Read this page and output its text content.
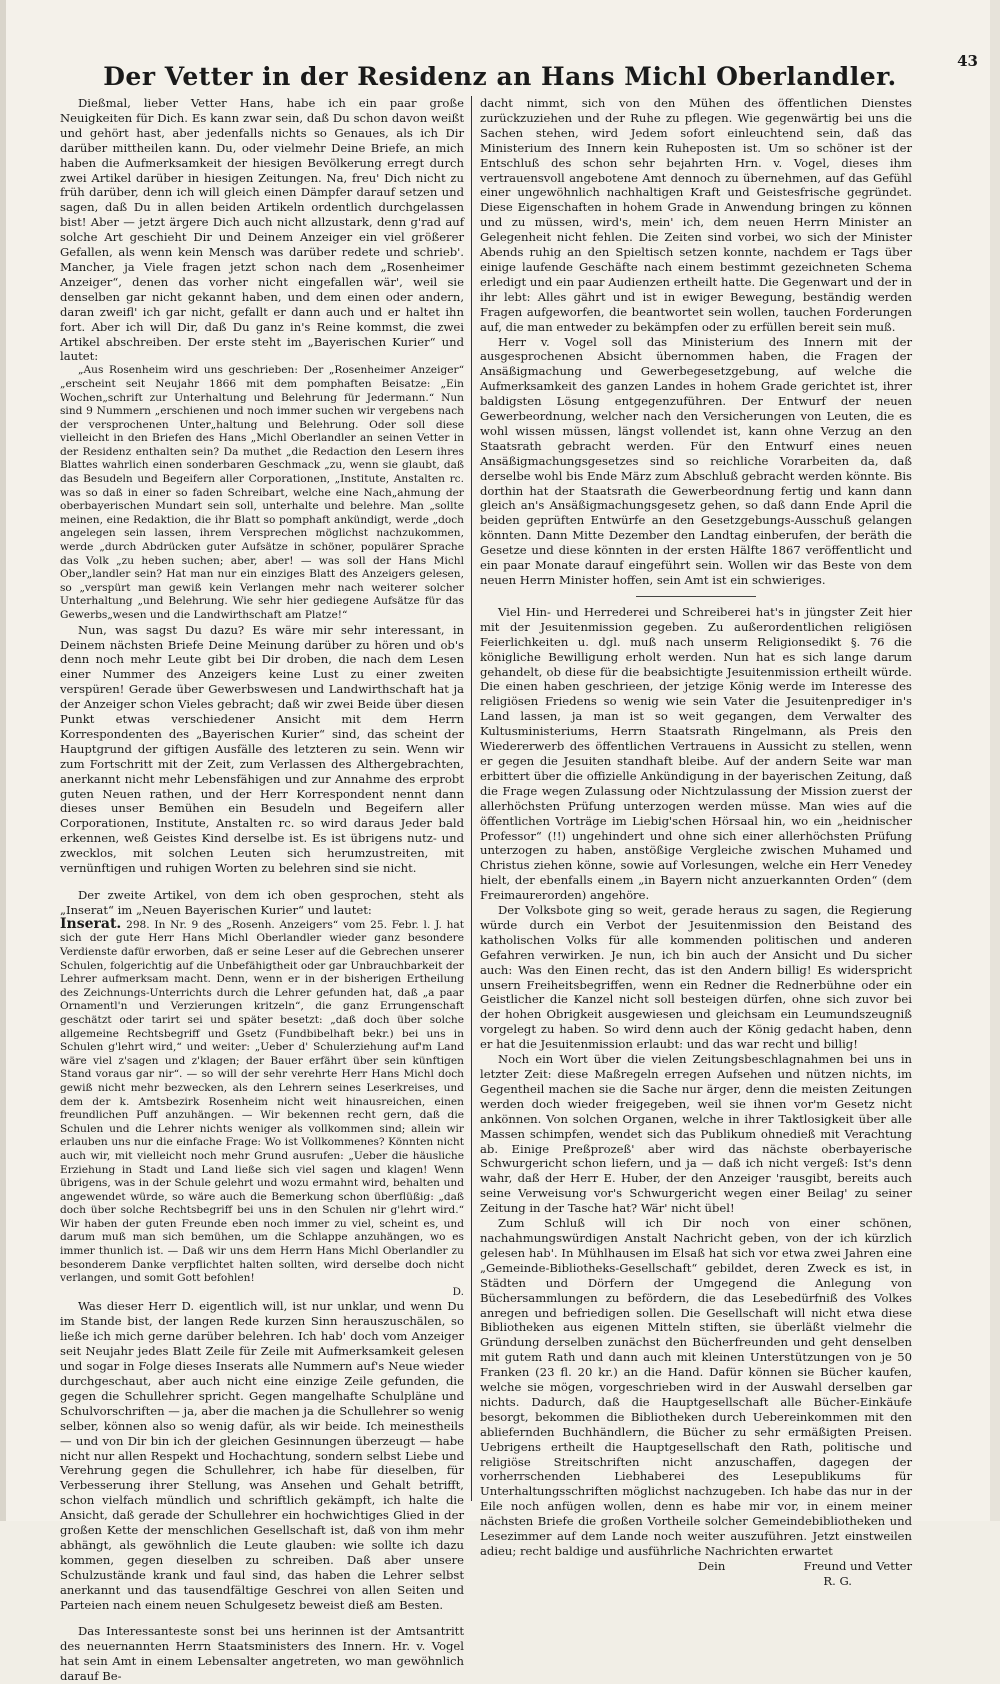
43
Der Vetter in der Residenz an Hans Michl Oberlandler.

Dießmal, lieber Vetter Hans, habe ich ein paar große Neuigkeiten für Dich. Es kann zwar sein, daß Du schon davon weißt und gehört hast, aber jedenfalls nichts so Genaues, als ich Dir darüber mittheilen kann. Du, oder vielmehr Deine Briefe, an mich haben die Aufmerksamkeit der hiesigen Bevölkerung erregt durch zwei Artikel darüber in hiesigen Zeitungen. Na, freu' Dich nicht zu früh darüber, denn ich will gleich einen Dämpfer darauf setzen und sagen, daß Du in allen beiden Artikeln ordentlich durchgelassen bist! Aber — jetzt ärgere Dich auch nicht allzustark, denn g'rad auf solche Art geschieht Dir und Deinem Anzeiger ein viel größerer Gefallen, als wenn kein Mensch was darüber redete und schrieb'. Mancher, ja Viele fragen jetzt schon nach dem „Rosenheimer Anzeiger“, denen das vorher nicht eingefallen wär', weil sie denselben gar nicht gekannt haben, und dem einen oder andern, daran zweifl' ich gar nicht, gefallt er dann auch und er haltet ihn fort. Aber ich will Dir, daß Du ganz in's Reine kommst, die zwei Artikel abschreiben. Der erste steht im „Bayerischen Kurier“ und lautet:

„Aus Rosenheim wird uns geschrieben: Der „Rosenheimer Anzeiger“ „erscheint seit Neujahr 1866 mit dem pomphaften Beisatze: „Ein Wochen„schrift zur Unterhaltung und Belehrung für Jedermann.“ Nun sind 9 Nummern „erschienen und noch immer suchen wir vergebens nach der versprochenen Unter„haltung und Belehrung. Oder soll diese vielleicht in den Briefen des Hans „Michl Oberlandler an seinen Vetter in der Residenz enthalten sein? Da muthet „die Redaction den Lesern ihres Blattes wahrlich einen sonderbaren Geschmack „zu, wenn sie glaubt, daß das Besudeln und Begeifern aller Corporationen, „Institute, Anstalten rc. was so daß in einer so faden Schreibart, welche eine Nach„ahmung der oberbayerischen Mundart sein soll, unterhalte und belehre. Man „sollte meinen, eine Redaktion, die ihr Blatt so pomphaft ankündigt, werde „doch angelegen sein lassen, ihrem Versprechen möglichst nachzukommen, werde „durch Abdrücken guter Aufsätze in schöner, populärer Sprache das Volk „zu heben suchen; aber, aber! — was soll der Hans Michl Ober„landler sein? Hat man nur ein einziges Blatt des Anzeigers gelesen, so „verspürt man gewiß kein Verlangen mehr nach weiterer solcher Unterhaltung „und Belehrung. Wie sehr hier gediegene Aufsätze für das Gewerbs„wesen und die Landwirthschaft am Platze!“

Nun, was sagst Du dazu? Es wäre mir sehr interessant, in Deinem nächsten Briefe Deine Meinung darüber zu hören und ob's denn noch mehr Leute gibt bei Dir droben, die nach dem Lesen einer Nummer des Anzeigers keine Lust zu einer zweiten verspüren! Gerade über Gewerbswesen und Landwirthschaft hat ja der Anzeiger schon Vieles gebracht; daß wir zwei Beide über diesen Punkt etwas verschiedener Ansicht mit dem Herrn Korrespondenten des „Bayerischen Kurier“ sind, das scheint der Hauptgrund der giftigen Ausfälle des letzteren zu sein. Wenn wir zum Fortschritt mit der Zeit, zum Verlassen des Althergebrachten, anerkannt nicht mehr Lebensfähigen und zur Annahme des erprobt guten Neuen rathen, und der Herr Korrespondent nennt dann dieses unser Bemühen ein Besudeln und Begeifern aller Corporationen, Institute, Anstalten rc. so wird daraus Jeder bald erkennen, weß Geistes Kind derselbe ist. Es ist übrigens nutz- und zwecklos, mit solchen Leuten sich herumzustreiten, mit vernünftigen und ruhigen Worten zu belehren sind sie nicht.

Der zweite Artikel, von dem ich oben gesprochen, steht als „Inserat“ im „Neuen Bayerischen Kurier“ und lautet:

Inserat. 298. In Nr. 9 des „Rosenh. Anzeigers“ vom 25. Febr. l. J. hat sich der gute Herr Hans Michl Oberlandler wieder ganz besondere Verdienste dafür erworben, daß er seine Leser auf die Gebrechen unserer Schulen, folgerichtig auf die Unbefähigtheit oder gar Unbrauchbarkeit der Lehrer aufmerksam macht. Denn, wenn er in der bisherigen Ertheilung des Zeichnungs-Unterrichts durch die Lehrer gefunden hat, daß „a paar Ornamentl'n und Verzierungen kritzeln“, die ganz Errungenschaft geschätzt oder tarirt sei und später besetzt: „daß doch über solche allgemeine Rechtsbegriff und Gsetz (Fundbibelhaft bekr.) bei uns in Schulen g'lehrt wird,“ und weiter: „Ueber d' Schulerziehung auf'm Land wäre viel z'sagen und z'klagen; der Bauer erfährt über sein künftigen Stand voraus gar nir“. — so will der sehr verehrte Herr Hans Michl doch gewiß nicht mehr bezwecken, als den Lehrern seines Leserkreises, und dem der k. Amtsbezirk Rosenheim nicht weit hinausreichen, einen freundlichen Puff anzuhängen. — Wir bekennen recht gern, daß die Schulen und die Lehrer nichts weniger als vollkommen sind; allein wir erlauben uns nur die einfache Frage: Wo ist Vollkommenes? Könnten nicht auch wir, mit vielleicht noch mehr Grund ausrufen: „Ueber die häusliche Erziehung in Stadt und Land ließe sich viel sagen und klagen! Wenn übrigens, was in der Schule gelehrt und wozu ermahnt wird, behalten und angewendet würde, so wäre auch die Bemerkung schon überflüßig: „daß doch über solche Rechtsbegriff bei uns in den Schulen nir g'lehrt wird.“ Wir haben der guten Freunde eben noch immer zu viel, scheint es, und darum muß man sich bemühen, um die Schlappe anzuhängen, wo es immer thunlich ist. — Daß wir uns dem Herrn Hans Michl Oberlandler zu besonderem Danke verpflichtet halten sollten, wird derselbe doch nicht verlangen, und somit Gott befohlen!

D.

Was dieser Herr D. eigentlich will, ist nur unklar, und wenn Du im Stande bist, der langen Rede kurzen Sinn herauszuschälen, so ließe ich mich gerne darüber belehren. Ich hab' doch vom Anzeiger seit Neujahr jedes Blatt Zeile für Zeile mit Aufmerksamkeit gelesen und sogar in Folge dieses Inserats alle Nummern auf's Neue wieder durchgeschaut, aber auch nicht eine einzige Zeile gefunden, die gegen die Schullehrer spricht. Gegen mangelhafte Schulpläne und Schulvorschriften — ja, aber die machen ja die Schullehrer so wenig selber, können also so wenig dafür, als wir beide. Ich meinestheils — und von Dir bin ich der gleichen Gesinnungen überzeugt — habe nicht nur allen Respekt und Hochachtung, sondern selbst Liebe und Verehrung gegen die Schullehrer, ich habe für dieselben, für Verbesserung ihrer Stellung, was Ansehen und Gehalt betrifft, schon vielfach mündlich und schriftlich gekämpft, ich halte die Ansicht, daß gerade der Schullehrer ein hochwichtiges Glied in der großen Kette der menschlichen Gesellschaft ist, daß von ihm mehr abhängt, als gewöhnlich die Leute glauben: wie sollte ich dazu kommen, gegen dieselben zu schreiben. Daß aber unsere Schulzustände krank und faul sind, das haben die Lehrer selbst anerkannt und das tausendfältige Geschrei von allen Seiten und Parteien nach einem neuen Schulgesetz beweist dieß am Besten.

Das Interessanteste sonst bei uns herinnen ist der Amtsantritt des neuernannten Herrn Staatsministers des Innern. Hr. v. Vogel hat sein Amt in einem Lebensalter angetreten, wo man gewöhnlich darauf Be-

dacht nimmt, sich von den Mühen des öffentlichen Dienstes zurückzuziehen und der Ruhe zu pflegen. Wie gegenwärtig bei uns die Sachen stehen, wird Jedem sofort einleuchtend sein, daß das Ministerium des Innern kein Ruheposten ist. Um so schöner ist der Entschluß des schon sehr bejahrten Hrn. v. Vogel, dieses ihm vertrauensvoll angebotene Amt dennoch zu übernehmen, auf das Gefühl einer ungewöhnlich nachhaltigen Kraft und Geistesfrische gegründet. Diese Eigenschaften in hohem Grade in Anwendung bringen zu können und zu müssen, wird's, mein' ich, dem neuen Herrn Minister an Gelegenheit nicht fehlen. Die Zeiten sind vorbei, wo sich der Minister Abends ruhig an den Spieltisch setzen konnte, nachdem er Tags über einige laufende Geschäfte nach einem bestimmt gezeichneten Schema erledigt und ein paar Audienzen ertheilt hatte. Die Gegenwart und der in ihr lebt: Alles gährt und ist in ewiger Bewegung, beständig werden Fragen aufgeworfen, die beantwortet sein wollen, tauchen Forderungen auf, die man entweder zu bekämpfen oder zu erfüllen bereit sein muß.

Herr v. Vogel soll das Ministerium des Innern mit der ausgesprochenen Absicht übernommen haben, die Fragen der Ansäßigmachung und Gewerbegesetzgebung, auf welche die Aufmerksamkeit des ganzen Landes in hohem Grade gerichtet ist, ihrer baldigsten Lösung entgegenzuführen. Der Entwurf der neuen Gewerbeordnung, welcher nach den Versicherungen von Leuten, die es wohl wissen müssen, längst vollendet ist, kann ohne Verzug an den Staatsrath gebracht werden. Für den Entwurf eines neuen Ansäßigmachungsgesetzes sind so reichliche Vorarbeiten da, daß derselbe wohl bis Ende März zum Abschluß gebracht werden könnte. Bis dorthin hat der Staatsrath die Gewerbeordnung fertig und kann dann gleich an's Ansäßigmachungsgesetz gehen, so daß dann Ende April die beiden geprüften Entwürfe an den Gesetzgebungs-Ausschuß gelangen könnten. Dann Mitte Dezember den Landtag einberufen, der beräth die Gesetze und diese könnten in der ersten Hälfte 1867 veröffentlicht und ein paar Monate darauf eingeführt sein. Wollen wir das Beste von dem neuen Herrn Minister hoffen, sein Amt ist ein schwieriges.

Viel Hin- und Herrederei und Schreiberei hat's in jüngster Zeit hier mit der Jesuitenmission gegeben. Zu außerordentlichen religiösen Feierlichkeiten u. dgl. muß nach unserm Religionsedikt §. 76 die königliche Bewilligung erholt werden. Nun hat es sich lange darum gehandelt, ob diese für die beabsichtigte Jesuitenmission ertheilt würde. Die einen haben geschrieen, der jetzige König werde im Interesse des religiösen Friedens so wenig wie sein Vater die Jesuitenprediger in's Land lassen, ja man ist so weit gegangen, dem Verwalter des Kultusministeriums, Herrn Staatsrath Ringelmann, als Preis den Wiedererwerb des öffentlichen Vertrauens in Aussicht zu stellen, wenn er gegen die Jesuiten standhaft bleibe. Auf der andern Seite war man erbittert über die offizielle Ankündigung in der bayerischen Zeitung, daß die Frage wegen Zulassung oder Nichtzulassung der Mission zuerst der allerhöchsten Prüfung unterzogen werden müsse. Man wies auf die öffentlichen Vorträge im Liebig'schen Hörsaal hin, wo ein „heidnischer Professor“ (!!) ungehindert und ohne sich einer allerhöchsten Prüfung unterzogen zu haben, anstößige Vergleiche zwischen Muhamed und Christus ziehen könne, sowie auf Vorlesungen, welche ein Herr Venedey hielt, der ebenfalls einem „in Bayern nicht anzuerkannten Orden“ (dem Freimaurerorden) angehöre.

Der Volksbote ging so weit, gerade heraus zu sagen, die Regierung würde durch ein Verbot der Jesuitenmission den Beistand des katholischen Volks für alle kommenden politischen und anderen Gefahren verwirken. Je nun, ich bin auch der Ansicht und Du sicher auch: Was den Einen recht, das ist den Andern billig! Es widerspricht unsern Freiheitsbegriffen, wenn ein Redner die Rednerbühne oder ein Geistlicher die Kanzel nicht soll besteigen dürfen, ohne sich zuvor bei der hohen Obrigkeit ausgewiesen und gleichsam ein Leumundszeugniß vorgelegt zu haben. So wird denn auch der König gedacht haben, denn er hat die Jesuitenmission erlaubt: und das war recht und billig!

Noch ein Wort über die vielen Zeitungsbeschlagnahmen bei uns in letzter Zeit: diese Maßregeln erregen Aufsehen und nützen nichts, im Gegentheil machen sie die Sache nur ärger, denn die meisten Zeitungen werden doch wieder freigegeben, weil sie ihnen vor'm Gesetz nicht ankönnen. Von solchen Organen, welche in ihrer Taktlosigkeit über alle Massen schimpfen, wendet sich das Publikum ohnedieß mit Verachtung ab. Einige Preßprozeß' aber wird das nächste oberbayerische Schwurgericht schon liefern, und ja — daß ich nicht vergeß: Ist's denn wahr, daß der Herr E. Huber, der den Anzeiger 'rausgibt, bereits auch seine Verweisung vor's Schwurgericht wegen einer Beilag' zu seiner Zeitung in der Tasche hat? Wär' nicht übel!

Zum Schluß will ich Dir noch von einer schönen, nachahmungswürdigen Anstalt Nachricht geben, von der ich kürzlich gelesen hab'. In Mühlhausen im Elsaß hat sich vor etwa zwei Jahren eine „Gemeinde-Bibliotheks-Gesellschaft“ gebildet, deren Zweck es ist, in Städten und Dörfern der Umgegend die Anlegung von Büchersammlungen zu befördern, die das Lesebedürfniß des Volkes anregen und befriedigen sollen. Die Gesellschaft will nicht etwa diese Bibliotheken aus eigenen Mitteln stiften, sie überläßt vielmehr die Gründung derselben zunächst den Bücherfreunden und geht denselben mit gutem Rath und dann auch mit kleinen Unterstützungen von je 50 Franken (23 fl. 20 kr.) an die Hand. Dafür können sie Bücher kaufen, welche sie mögen, vorgeschrieben wird in der Auswahl derselben gar nichts. Dadurch, daß die Hauptgesellschaft alle Bücher-Einkäufe besorgt, bekommen die Bibliotheken durch Uebereinkommen mit den abliefernden Buchhändlern, die Bücher zu sehr ermäßigten Preisen. Uebrigens ertheilt die Hauptgesellschaft den Rath, politische und religiöse Streitschriften nicht anzuschaffen, dagegen der vorherrschenden Liebhaberei des Lesepublikums für Unterhaltungsschriften möglichst nachzugeben. Ich habe das nur in der Eile noch anfügen wollen, denn es habe mir vor, in einem meiner nächsten Briefe die großen Vortheile solcher Gemeindebibliotheken und Lesezimmer auf dem Lande noch weiter auszuführen. Jetzt einstweilen adieu; recht baldige und ausführliche Nachrichten erwartet

Dein	Freund und Vetter

R. G.
